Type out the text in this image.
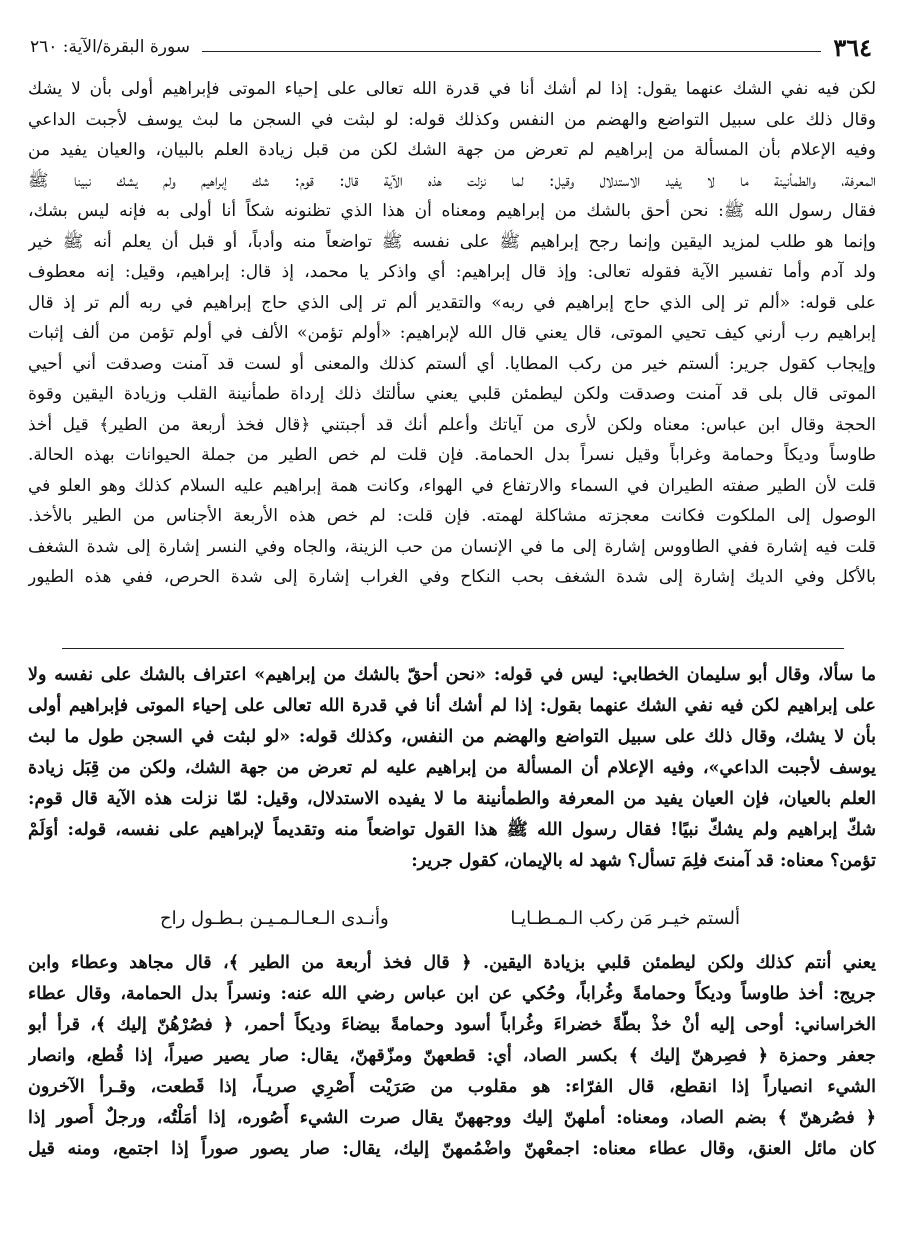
٣٦٤
سورة البقرة/الآية: ٢٦٠

لكن فيه نفي الشك عنهما يقول: إذا لم أشك أنا في قدرة الله تعالى على إحياء الموتى فإبراهيم أولى بأن لا يشك

وقال ذلك على سبيل التواضع والهضم من النفس وكذلك قوله: لو لبثت في السجن ما لبث يوسف لأجبت الداعي

وفيه الإعلام بأن المسألة من إبراهيم لم تعرض من جهة الشك لكن من قبل زيادة العلم بالبيان، والعيان يفيد من

المعرفة، والطمأنينة ما لا يفيد الاستدلال وقيل: لما نزلت هذه الآية قال: قوم: شك إبراهيم ولم يشك نبينا ﷺ

فقال رسول الله ﷺ: نحن أحق بالشك من إبراهيم ومعناه أن هذا الذي تظنونه شكاً أنا أولى به فإنه ليس بشك،

وإنما هو طلب لمزيد اليقين وإنما رجح إبراهيم ﷺ على نفسه ﷺ تواضعاً منه وأدباً، أو قبل أن يعلم أنه ﷺ خير

ولد آدم وأما تفسير الآية فقوله تعالى: وإذ قال إبراهيم: أي واذكر يا محمد، إذ قال: إبراهيم، وقيل: إنه معطوف

على قوله: «ألم تر إلى الذي حاج إبراهيم في ربه» والتقدير ألم تر إلى الذي حاج إبراهيم في ربه ألم تر إذ قال

إبراهيم رب أرني كيف تحيي الموتى، قال يعني قال الله لإبراهيم: «أولم تؤمن» الألف في أولم تؤمن من ألف إثبات

وإيجاب كقول جرير: ألستم خير من ركب المطايا. أي ألستم كذلك والمعنى أو لست قد آمنت وصدقت أني أحيي

الموتى قال بلى قد آمنت وصدقت ولكن ليطمئن قلبي يعني سألتك ذلك إرداة طمأنينة القلب وزيادة اليقين وقوة

الحجة وقال ابن عباس: معناه ولكن لأرى من آياتك وأعلم أنك قد أجبتني ﴿قال فخذ أربعة من الطير﴾ قيل أخذ

طاوساً وديكاً وحمامة وغراباً وقيل نسراً بدل الحمامة. فإن قلت لم خص الطير من جملة الحيوانات بهذه الحالة.

قلت لأن الطير صفته الطيران في السماء والارتفاع في الهواء، وكانت همة إبراهيم عليه السلام كذلك وهو العلو في

الوصول إلى الملكوت فكانت معجزته مشاكلة لهمته. فإن قلت: لم خص هذه الأربعة الأجناس من الطير بالأخذ.

قلت فيه إشارة ففي الطاووس إشارة إلى ما في الإنسان من حب الزينة، والجاه وفي النسر إشارة إلى شدة الشغف

بالأكل وفي الديك إشارة إلى شدة الشغف بحب النكاح وفي الغراب إشارة إلى شدة الحرص، ففي هذه الطيور

ما سألا، وقال أبو سليمان الخطابي: ليس في قوله: «نحن أحقّ بالشك من إبراهيم» اعتراف بالشك على نفسه ولا

على إبراهيم لكن فيه نفي الشك عنهما بقول: إذا لم أشك أنا في قدرة الله تعالى على إحياء الموتى فإبراهيم أولى

بأن لا يشك، وقال ذلك على سبيل التواضع والهضم من النفس، وكذلك قوله: «لو لبثت في السجن طول ما لبث

يوسف لأجبت الداعي»، وفيه الإعلام أن المسألة من إبراهيم عليه لم تعرض من جهة الشك، ولكن من قِبَل زيادة

العلم بالعيان، فإن العيان يفيد من المعرفة والطمأنينة ما لا يفيده الاستدلال، وقيل: لمّا نزلت هذه الآية قال قوم:

شكّ إبراهيم ولم يشكّ نبيًا! فقال رسول الله ﷺ هذا القول تواضعاً منه وتقديماً لإبراهيم على نفسه، قوله: أوَلَمْ

تؤمن؟ معناه: قد آمنتَ فلِمَ تسأل؟ شهد له بالإيمان، كقول جرير:

ألستم خيـر مَن ركب الـمـطـايـا
وأنـدى الـعـالـمـيـن بـطـول راح

يعني أنتم كذلك ولكن ليطمئن قلبي بزيادة اليقين. ﴿ قال فخذ أربعة من الطير ﴾، قال مجاهد وعطاء وابن

جريج: أخذ طاوساً وديكاً وحمامةً وغُراباً، وحُكي عن ابن عباس رضي الله عنه: ونسراً بدل الحمامة، وقال عطاء

الخراساني: أوحى إليه أنْ خذْ بطّةً خضراءَ وغُراباً أسود وحمامةً بيضاءَ وديكاً أحمر، ﴿ فصُرْهُنّ إليك ﴾، قرأ أبو

جعفر وحمزة ﴿ فصِرهنّ إليك ﴾ بكسر الصاد، أي: قطعهنّ ومزّقهنّ، يقال: صار يصير صيراً، إذا قُطع، وانصار

الشيء انصياراً إذا انقطع، قال الفرّاء: هو مقلوب من صَرَيْت أَصْرِي صريـاً، إذا قَطعت، وقـرأ الآخرون

﴿ فصُرهنّ ﴾ بضم الصاد، ومعناه: أملهنّ إليك ووجههنّ يقال صرت الشيء أَصُوره، إذا أمَلْتُه، ورجلٌ أُصور إذا

كان مائل العنق، وقال عطاء معناه: اجمعْهنّ واضْمُمهنّ إليك، يقال: صار يصور صوراً إذا اجتمع، ومنه قيل
